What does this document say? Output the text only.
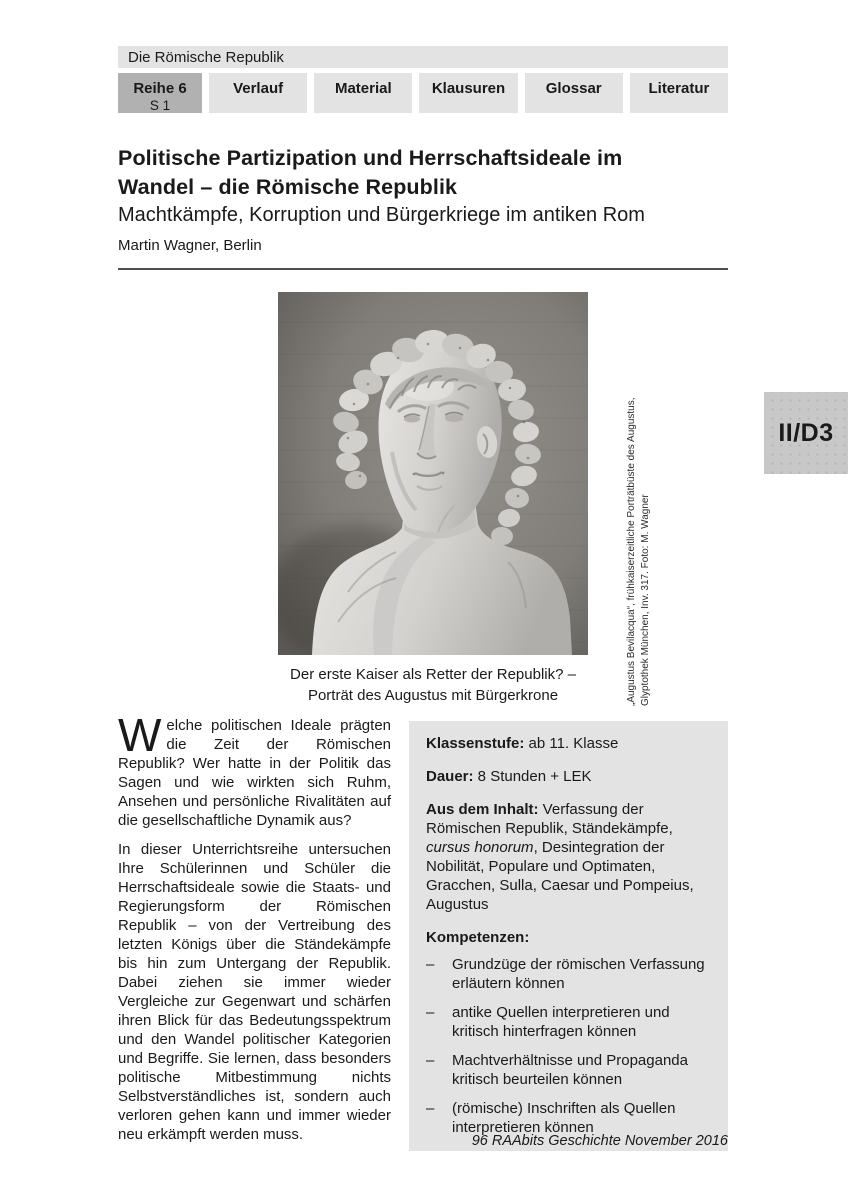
Die Römische Republik
Reihe 6
S 1
Verlauf	Material	Klausuren	Glossar	Literatur
Politische Partizipation und Herrschaftsideale im
Wandel – die Römische Republik
Machtkämpfe, Korruption und Bürgerkriege im antiken Rom
Martin Wagner, Berlin
„Augustus Bevilacqua“, frühkaiserzeitliche Porträtbüste des Augustus, Glyptothek München, Inv. 317. Foto: M. Wagner
Der erste Kaiser als Retter der Republik? –
Porträt des Augustus mit Bürgerkrone
II/D3

Welche politischen Ideale prägten die Zeit der Römischen Republik? Wer hatte in der Politik das Sagen und wie wirkten sich Ruhm, Ansehen und persönliche Rivalitäten auf die gesellschaftliche Dynamik aus?

In dieser Unterrichtsreihe untersuchen Ihre Schülerinnen und Schüler die Herrschaftsideale sowie die Staats- und Regierungsform der Römischen Republik – von der Vertreibung des letzten Königs über die Ständekämpfe bis hin zum Untergang der Republik. Dabei ziehen sie immer wieder Vergleiche zur Gegenwart und schärfen ihren Blick für das Bedeutungsspektrum und den Wandel politischer Kategorien und Begriffe. Sie lernen, dass besonders politische Mitbestimmung nichts Selbstverständliches ist, sondern auch verloren gehen kann und immer wieder neu erkämpft werden muss.

Klassenstufe: ab 11. Klasse
Dauer: 8 Stunden + LEK
Aus dem Inhalt: Verfassung der Römischen Republik, Ständekämpfe, cursus honorum, Desintegration der Nobilität, Populare und Optimaten, Gracchen, Sulla, Caesar und Pompeius, Augustus
Kompetenzen:
–	Grundzüge der römischen Verfassung erläutern können
–	antike Quellen interpretieren und kritisch hinterfragen können
–	Machtverhältnisse und Propaganda kritisch beurteilen können
–	(römische) Inschriften als Quellen interpretieren können
96 RAAbits Geschichte November 2016
